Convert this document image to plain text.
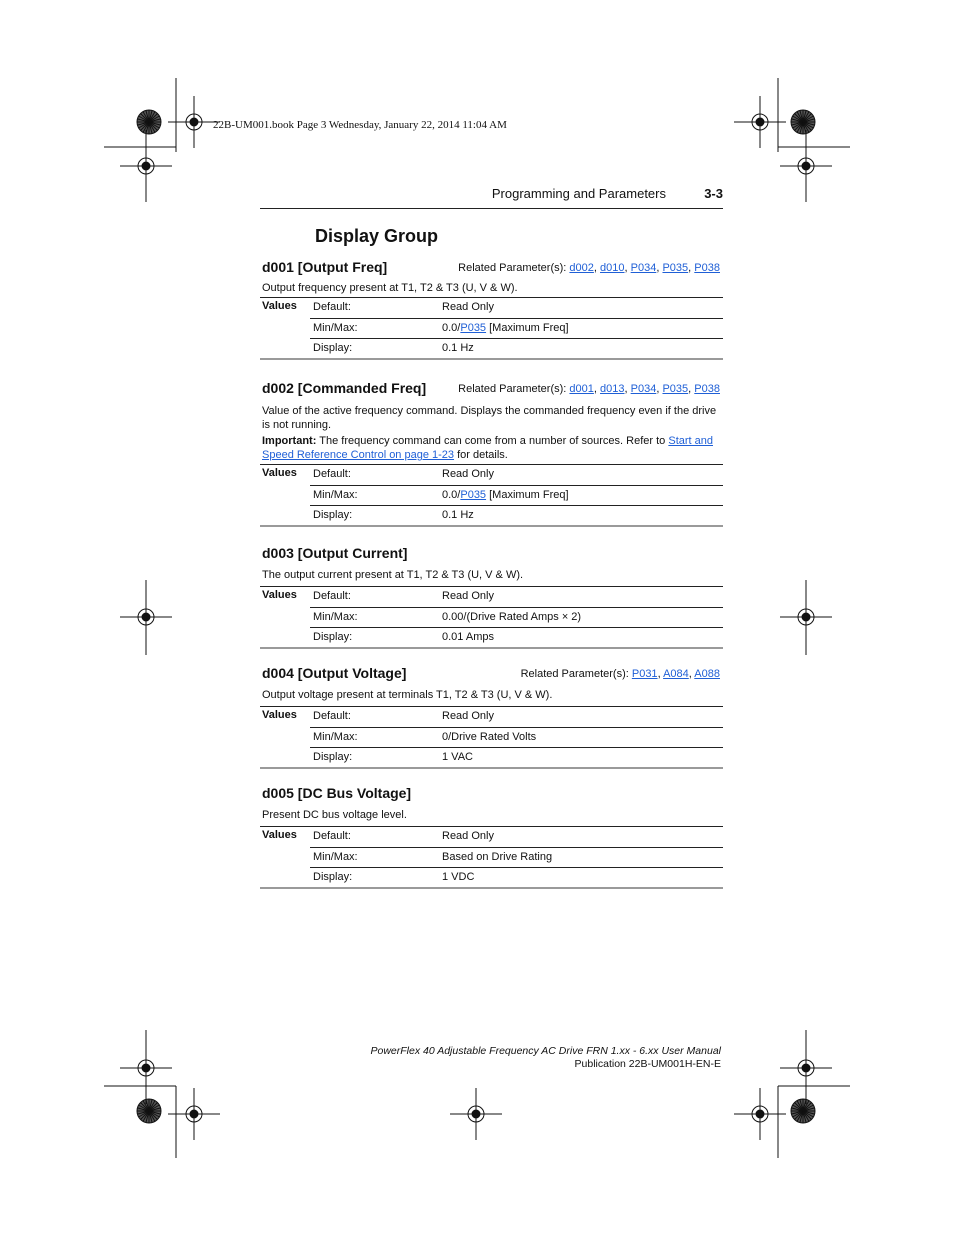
22B-UM001.book Page 3 Wednesday, January 22, 2014 11:04 AM
Programming and Parameters	3-3
Display Group
d001 [Output Freq]	Related Parameter(s): d002, d010, P034, P035, P038
Output frequency present at T1, T2 & T3 (U, V & W).
Values Default:	Read Only
Min/Max:	0.0/P035 [Maximum Freq]
Display:	0.1 Hz
d002 [Commanded Freq]	Related Parameter(s): d001, d013, P034, P035, P038
Value of the active frequency command. Displays the commanded frequency even if the drive is not running.
Important: The frequency command can come from a number of sources. Refer to Start and Speed Reference Control on page 1-23 for details.
Values Default:	Read Only
Min/Max:	0.0/P035 [Maximum Freq]
Display:	0.1 Hz
d003 [Output Current]
The output current present at T1, T2 & T3 (U, V & W).
Values Default:	Read Only
Min/Max:	0.00/(Drive Rated Amps × 2)
Display:	0.01 Amps
d004 [Output Voltage]	Related Parameter(s): P031, A084, A088
Output voltage present at terminals T1, T2 & T3 (U, V & W).
Values Default:	Read Only
Min/Max:	0/Drive Rated Volts
Display:	1 VAC
d005 [DC Bus Voltage]
Present DC bus voltage level.
Values Default:	Read Only
Min/Max:	Based on Drive Rating
Display:	1 VDC
PowerFlex 40 Adjustable Frequency AC Drive FRN 1.xx - 6.xx User Manual
Publication 22B-UM001H-EN-E
